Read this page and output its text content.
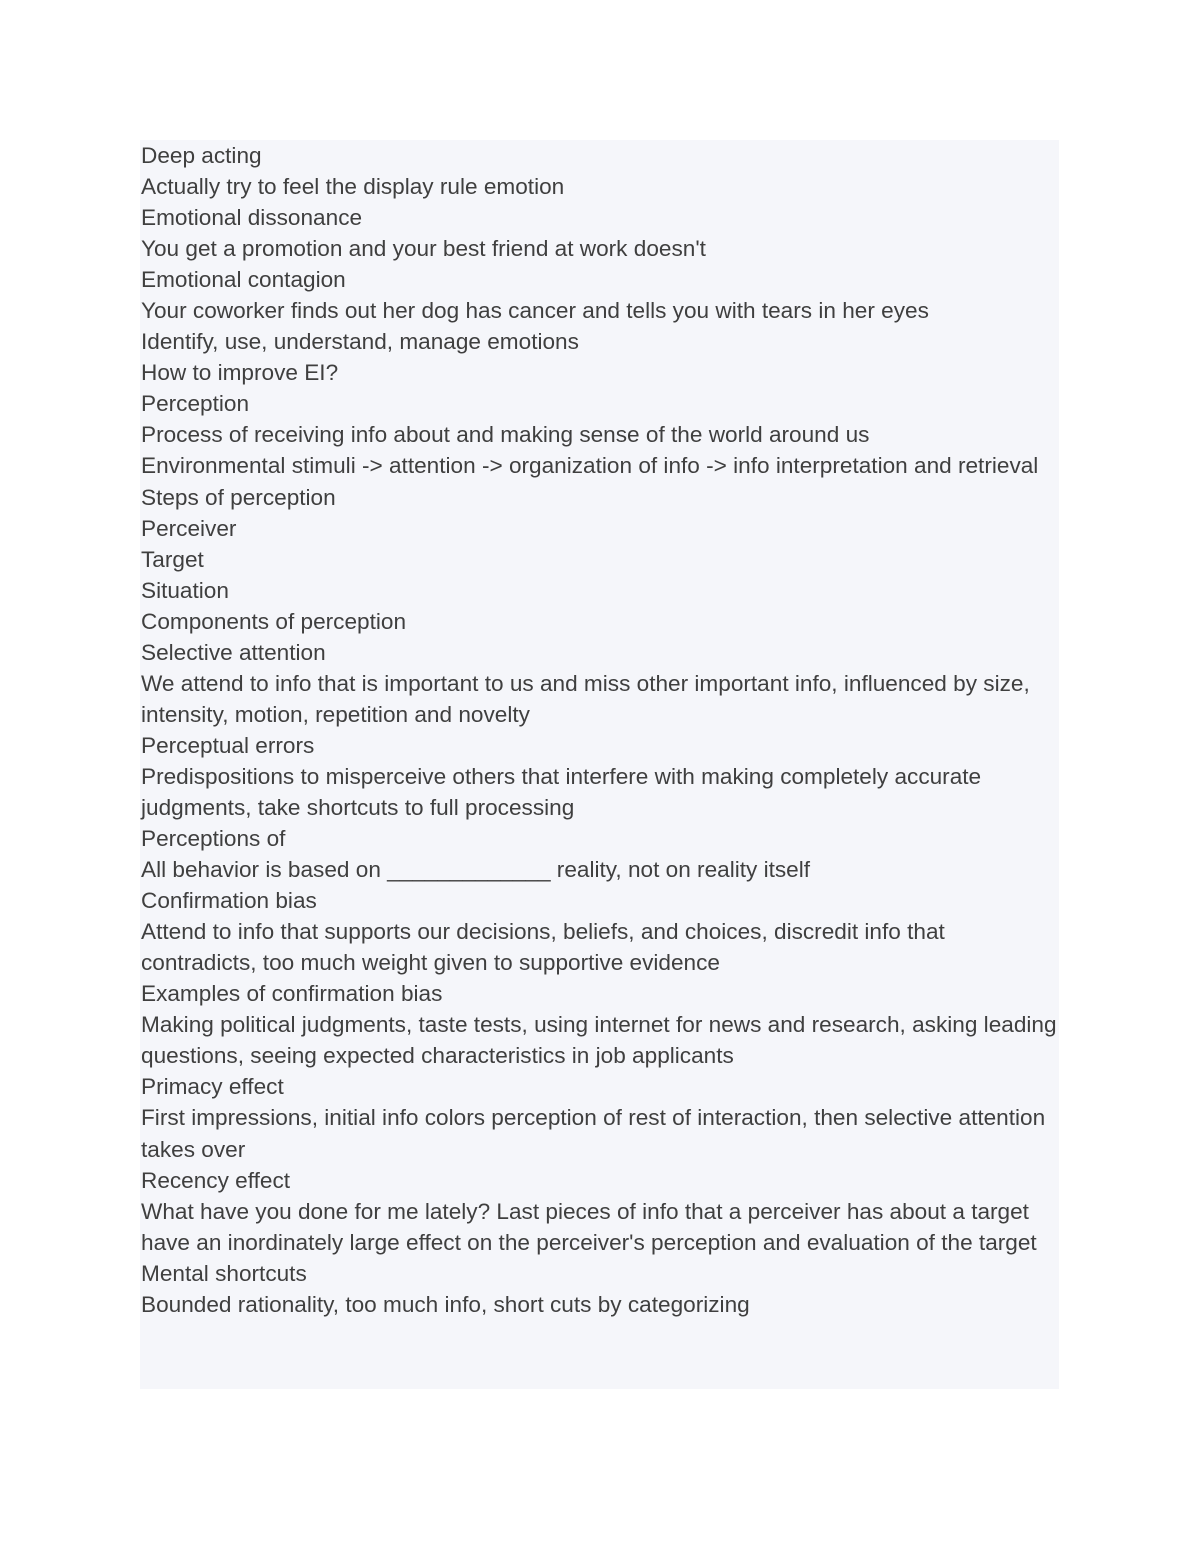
Deep acting

Actually try to feel the display rule emotion

Emotional dissonance

You get a promotion and your best friend at work doesn't

Emotional contagion

Your coworker finds out her dog has cancer and tells you with tears in her eyes

Identify, use, understand, manage emotions

How to improve EI?

Perception

Process of receiving info about and making sense of the world around us

Environmental stimuli -> attention -> organization of info -> info interpretation and retrieval

Steps of perception

Perceiver

Target

Situation

Components of perception

Selective attention

We attend to info that is important to us and miss other important info, influenced by size, intensity, motion, repetition and novelty

Perceptual errors

Predispositions to misperceive others that interfere with making completely accurate judgments, take shortcuts to full processing

Perceptions of

All behavior is based on _____________ reality, not on reality itself

Confirmation bias

Attend to info that supports our decisions, beliefs, and choices, discredit info that contradicts, too much weight given to supportive evidence

Examples of confirmation bias

Making political judgments, taste tests, using internet for news and research, asking leading questions, seeing expected characteristics in job applicants

Primacy effect

First impressions, initial info colors perception of rest of interaction, then selective attention takes over

Recency effect

What have you done for me lately? Last pieces of info that a perceiver has about a target have an inordinately large effect on the perceiver's perception and evaluation of the target

Mental shortcuts

Bounded rationality, too much info, short cuts by categorizing
